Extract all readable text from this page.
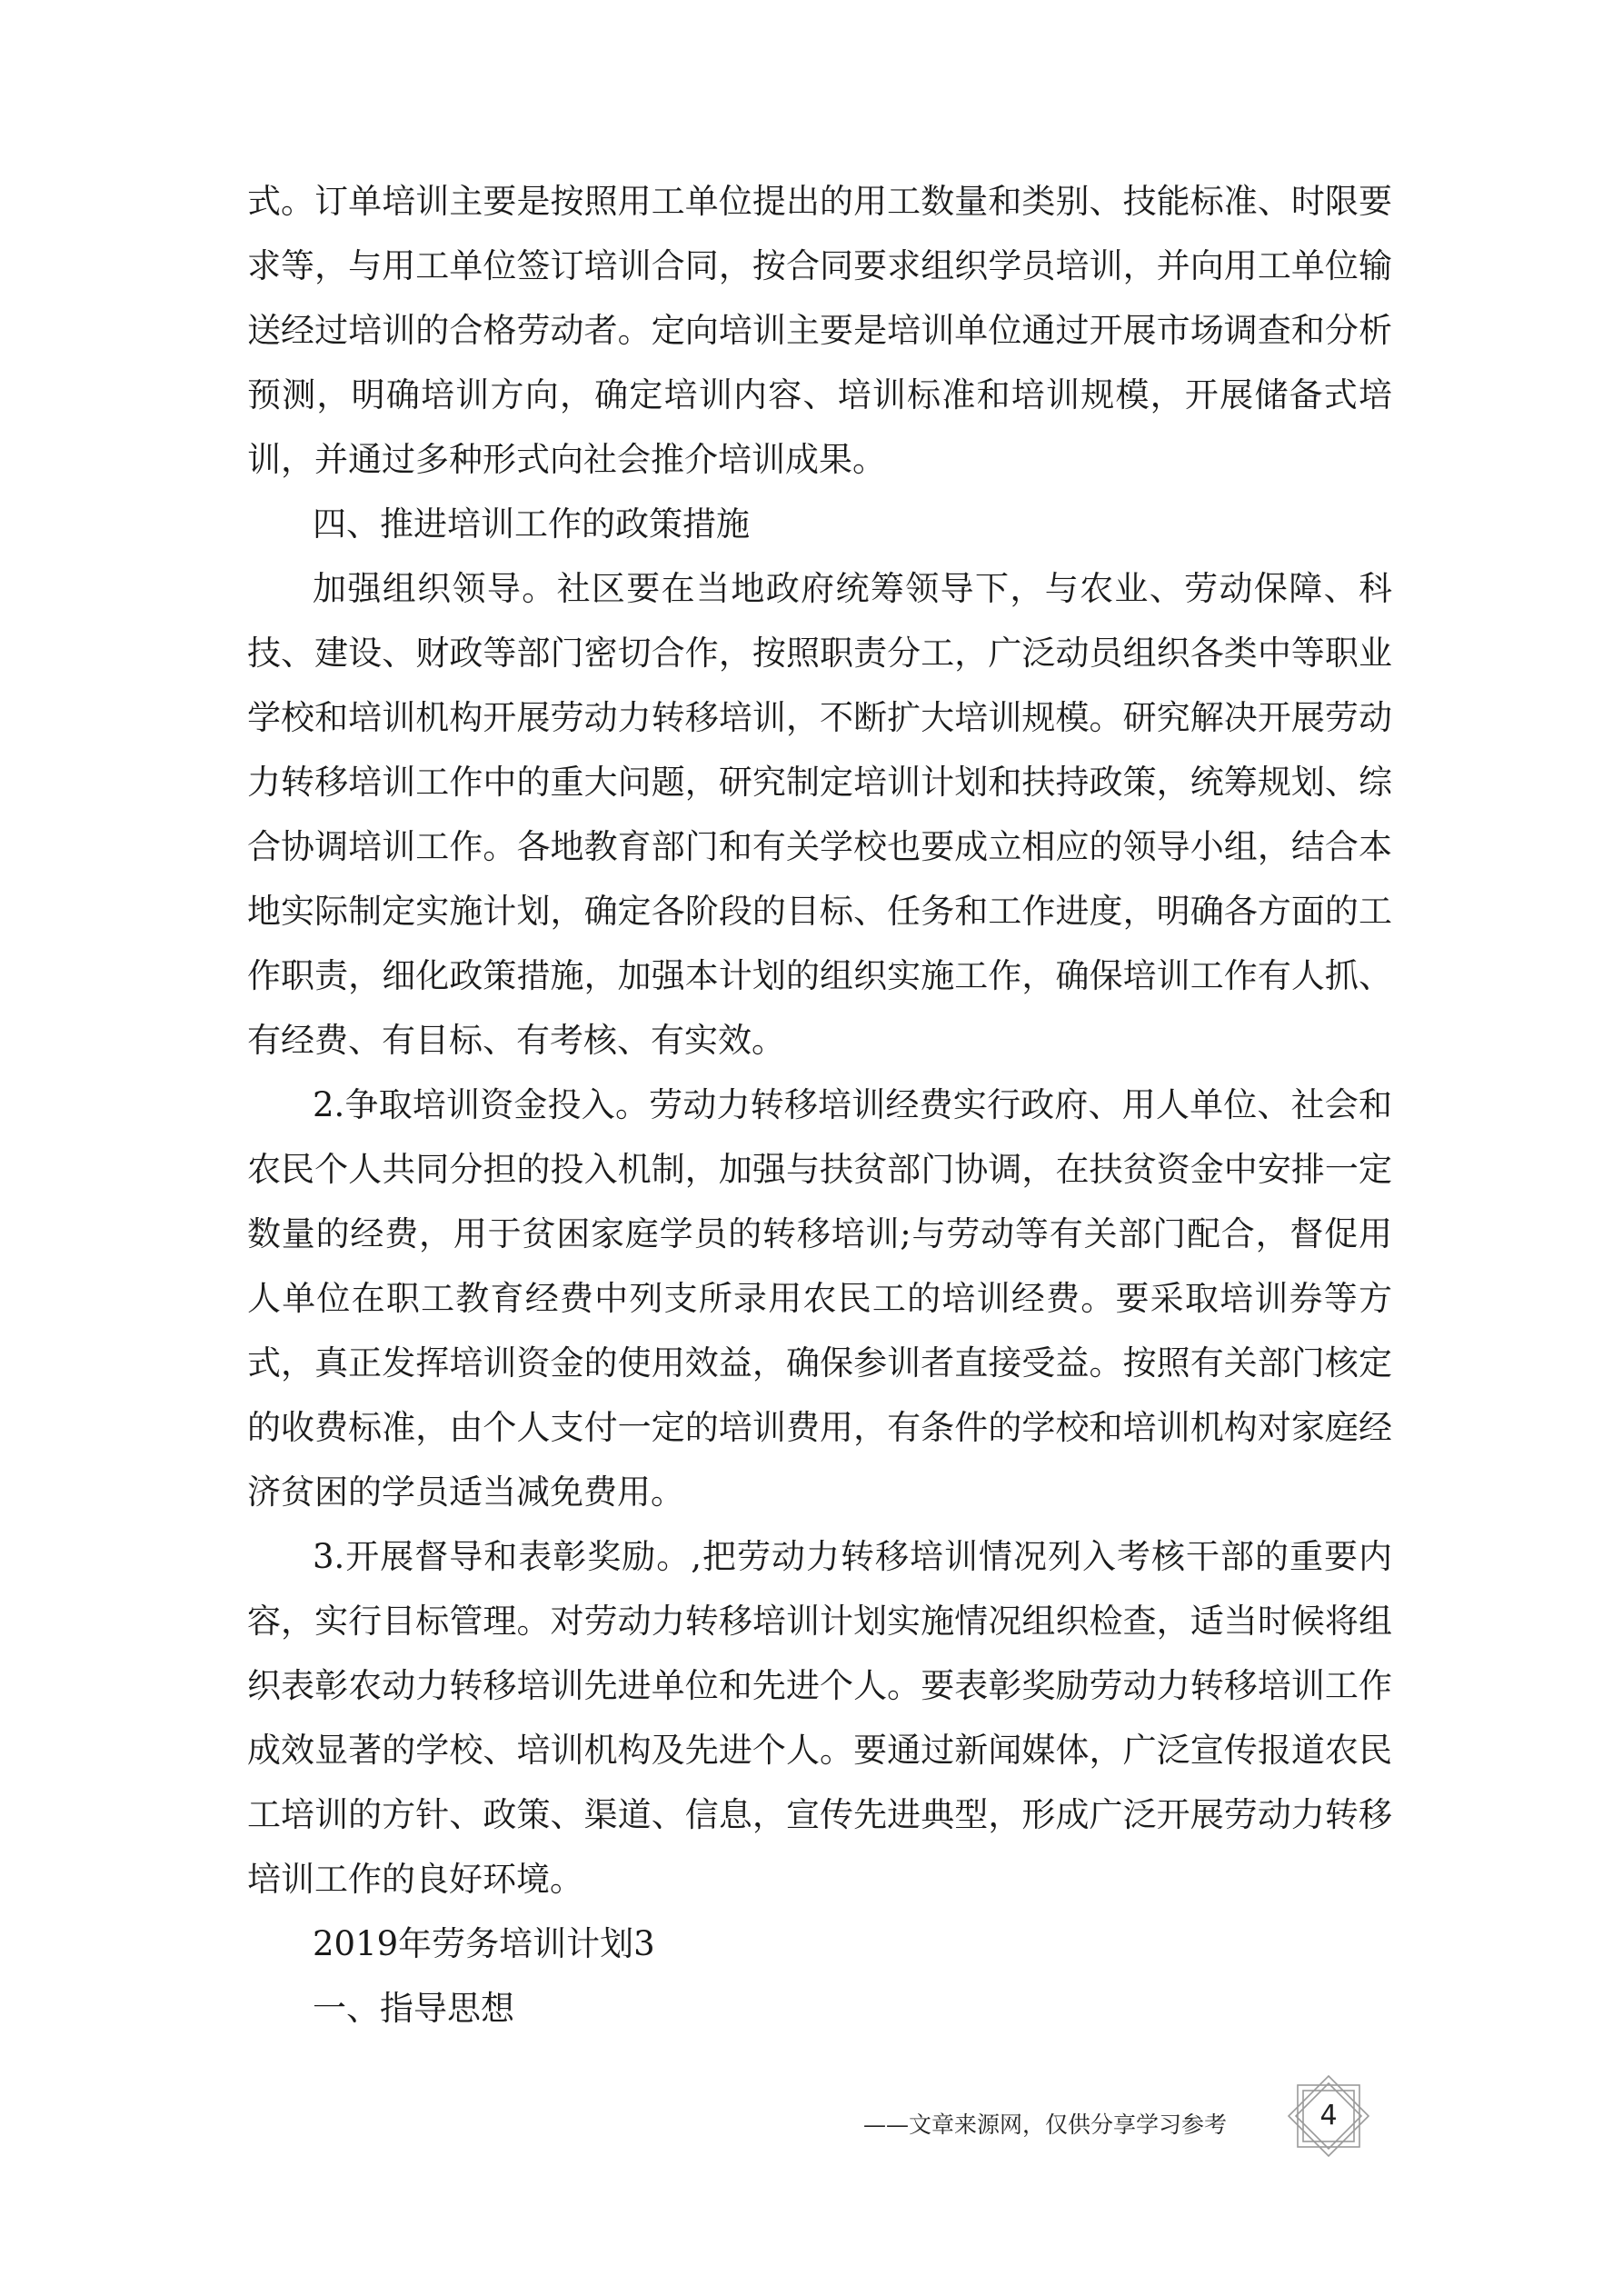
式。订单培训主要是按照用工单位提出的用工数量和类别、技能标准、时限要求等，与用工单位签订培训合同，按合同要求组织学员培训，并向用工单位输送经过培训的合格劳动者。定向培训主要是培训单位通过开展市场调查和分析预测，明确培训方向，确定培训内容、培训标准和培训规模，开展储备式培训，并通过多种形式向社会推介培训成果。

四、推进培训工作的政策措施

加强组织领导。社区要在当地政府统筹领导下，与农业、劳动保障、科技、建设、财政等部门密切合作，按照职责分工，广泛动员组织各类中等职业学校和培训机构开展劳动力转移培训，不断扩大培训规模。研究解决开展劳动力转移培训工作中的重大问题，研究制定培训计划和扶持政策，统筹规划、综合协调培训工作。各地教育部门和有关学校也要成立相应的领导小组，结合本地实际制定实施计划，确定各阶段的目标、任务和工作进度，明确各方面的工作职责，细化政策措施，加强本计划的组织实施工作，确保培训工作有人抓、有经费、有目标、有考核、有实效。

2.争取培训资金投入。劳动力转移培训经费实行政府、用人单位、社会和农民个人共同分担的投入机制，加强与扶贫部门协调，在扶贫资金中安排一定数量的经费，用于贫困家庭学员的转移培训;与劳动等有关部门配合，督促用人单位在职工教育经费中列支所录用农民工的培训经费。要采取培训券等方式，真正发挥培训资金的使用效益，确保参训者直接受益。按照有关部门核定的收费标准，由个人支付一定的培训费用，有条件的学校和培训机构对家庭经济贫困的学员适当减免费用。

3.开展督导和表彰奖励。,把劳动力转移培训情况列入考核干部的重要内容，实行目标管理。对劳动力转移培训计划实施情况组织检查，适当时候将组织表彰农动力转移培训先进单位和先进个人。要表彰奖励劳动力转移培训工作成效显著的学校、培训机构及先进个人。要通过新闻媒体，广泛宣传报道农民工培训的方针、政策、渠道、信息，宣传先进典型，形成广泛开展劳动力转移培训工作的良好环境。

2019年劳务培训计划3

一、指导思想

——文章来源网，仅供分享学习参考	4
